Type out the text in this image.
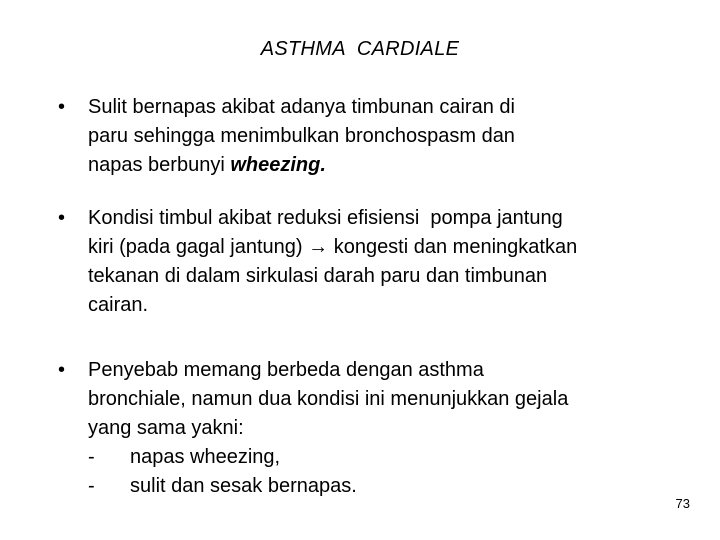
ASTHMA  CARDIALE
•	Sulit bernapas akibat adanya timbunan cairan di
paru sehingga menimbulkan bronchospasm dan
napas berbunyi wheezing.
•	Kondisi timbul akibat reduksi efisiensi  pompa jantung
kiri (pada gagal jantung) → kongesti dan meningkatkan
tekanan di dalam sirkulasi darah paru dan timbunan
cairan.
•	Penyebab memang berbeda dengan asthma
bronchiale, namun dua kondisi ini menunjukkan gejala
yang sama yakni:
- napas wheezing,
- sulit dan sesak bernapas.
73
